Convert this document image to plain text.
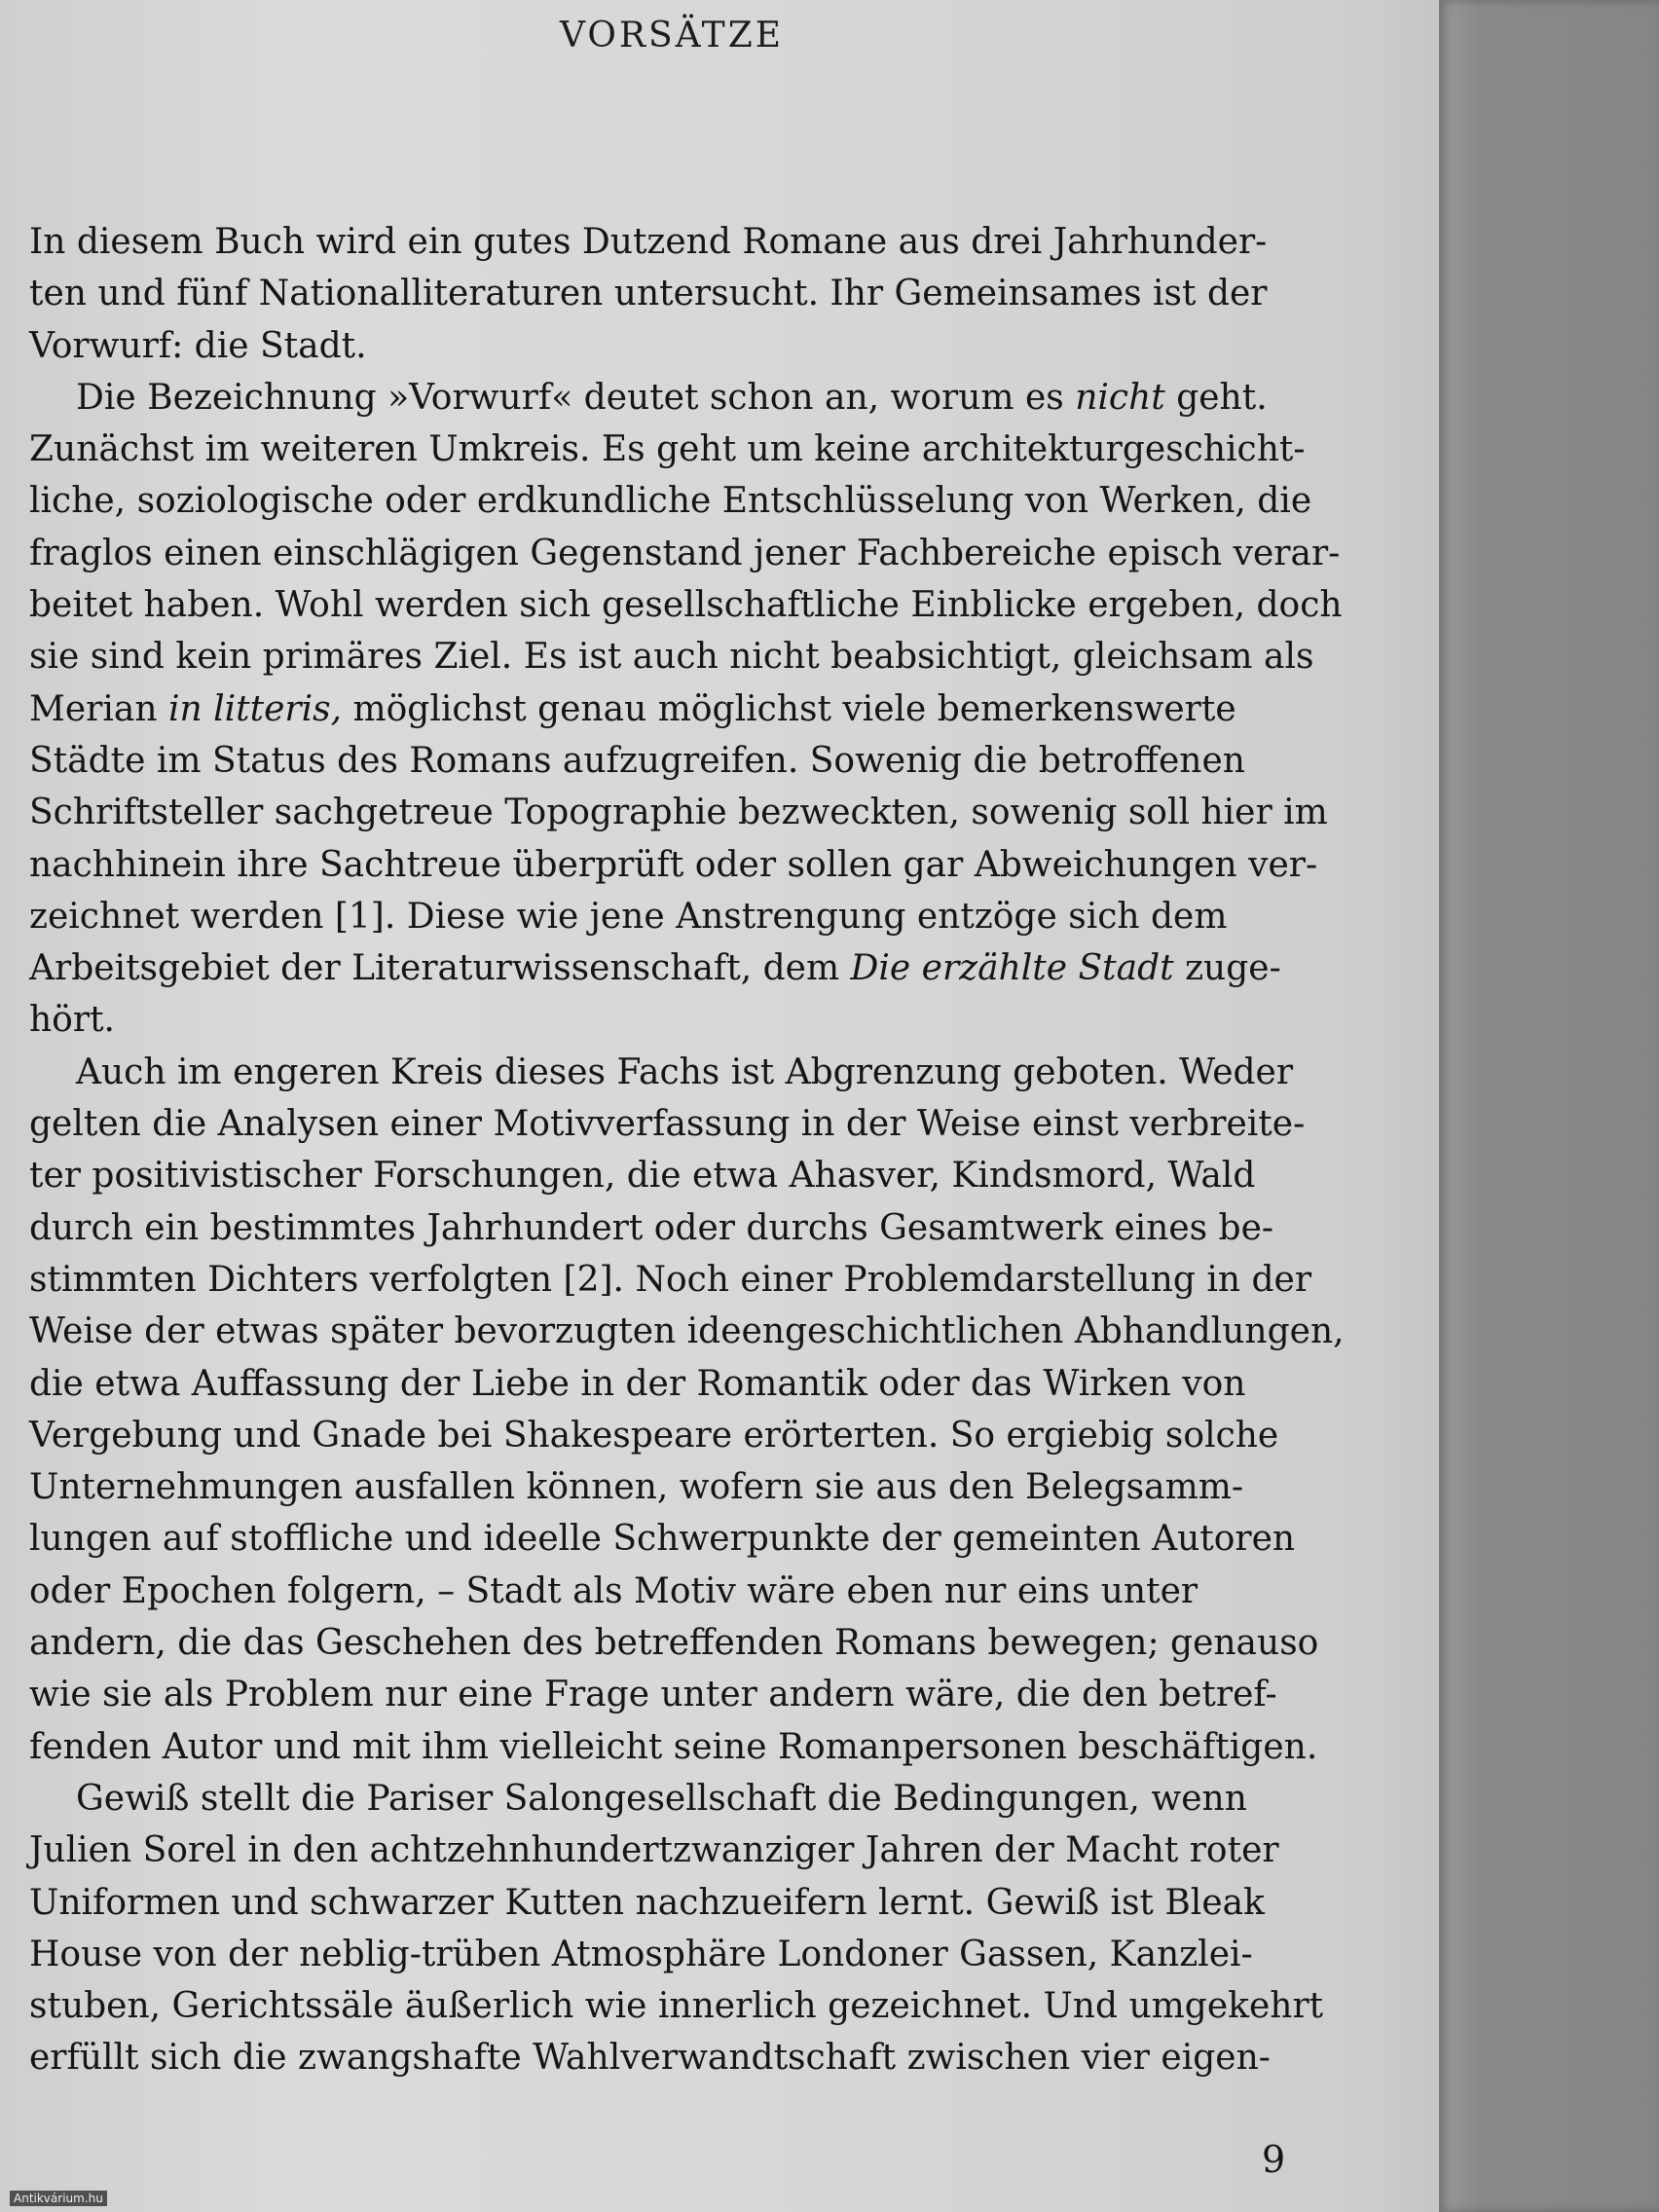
VORSÄTZE
In diesem Buch wird ein gutes Dutzend Romane aus drei Jahrhunder-
ten und fünf Nationalliteraturen untersucht. Ihr Gemeinsames ist der
Vorwurf: die Stadt.
Die Bezeichnung »Vorwurf« deutet schon an, worum es nicht geht.
Zunächst im weiteren Umkreis. Es geht um keine architekturgeschicht-
liche, soziologische oder erdkundliche Entschlüsselung von Werken, die
fraglos einen einschlägigen Gegenstand jener Fachbereiche episch verar-
beitet haben. Wohl werden sich gesellschaftliche Einblicke ergeben, doch
sie sind kein primäres Ziel. Es ist auch nicht beabsichtigt, gleichsam als
Merian in litteris, möglichst genau möglichst viele bemerkenswerte
Städte im Status des Romans aufzugreifen. Sowenig die betroffenen
Schriftsteller sachgetreue Topographie bezweckten, sowenig soll hier im
nachhinein ihre Sachtreue überprüft oder sollen gar Abweichungen ver-
zeichnet werden [1]. Diese wie jene Anstrengung entzöge sich dem
Arbeitsgebiet der Literaturwissenschaft, dem Die erzählte Stadt zuge-
hört.
Auch im engeren Kreis dieses Fachs ist Abgrenzung geboten. Weder
gelten die Analysen einer Motivverfassung in der Weise einst verbreite-
ter positivistischer Forschungen, die etwa Ahasver, Kindsmord, Wald
durch ein bestimmtes Jahrhundert oder durchs Gesamtwerk eines be-
stimmten Dichters verfolgten [2]. Noch einer Problemdarstellung in der
Weise der etwas später bevorzugten ideengeschichtlichen Abhandlungen,
die etwa Auffassung der Liebe in der Romantik oder das Wirken von
Vergebung und Gnade bei Shakespeare erörterten. So ergiebig solche
Unternehmungen ausfallen können, wofern sie aus den Belegsamm-
lungen auf stoffliche und ideelle Schwerpunkte der gemeinten Autoren
oder Epochen folgern, – Stadt als Motiv wäre eben nur eins unter
andern, die das Geschehen des betreffenden Romans bewegen; genauso
wie sie als Problem nur eine Frage unter andern wäre, die den betref-
fenden Autor und mit ihm vielleicht seine Romanpersonen beschäftigen.
Gewiß stellt die Pariser Salongesellschaft die Bedingungen, wenn
Julien Sorel in den achtzehnhundertzwanziger Jahren der Macht roter
Uniformen und schwarzer Kutten nachzueifern lernt. Gewiß ist Bleak
House von der neblig-trüben Atmosphäre Londoner Gassen, Kanzlei-
stuben, Gerichtssäle äußerlich wie innerlich gezeichnet. Und umgekehrt
erfüllt sich die zwangshafte Wahlverwandtschaft zwischen vier eigen-
9
Antikvárium.hu
